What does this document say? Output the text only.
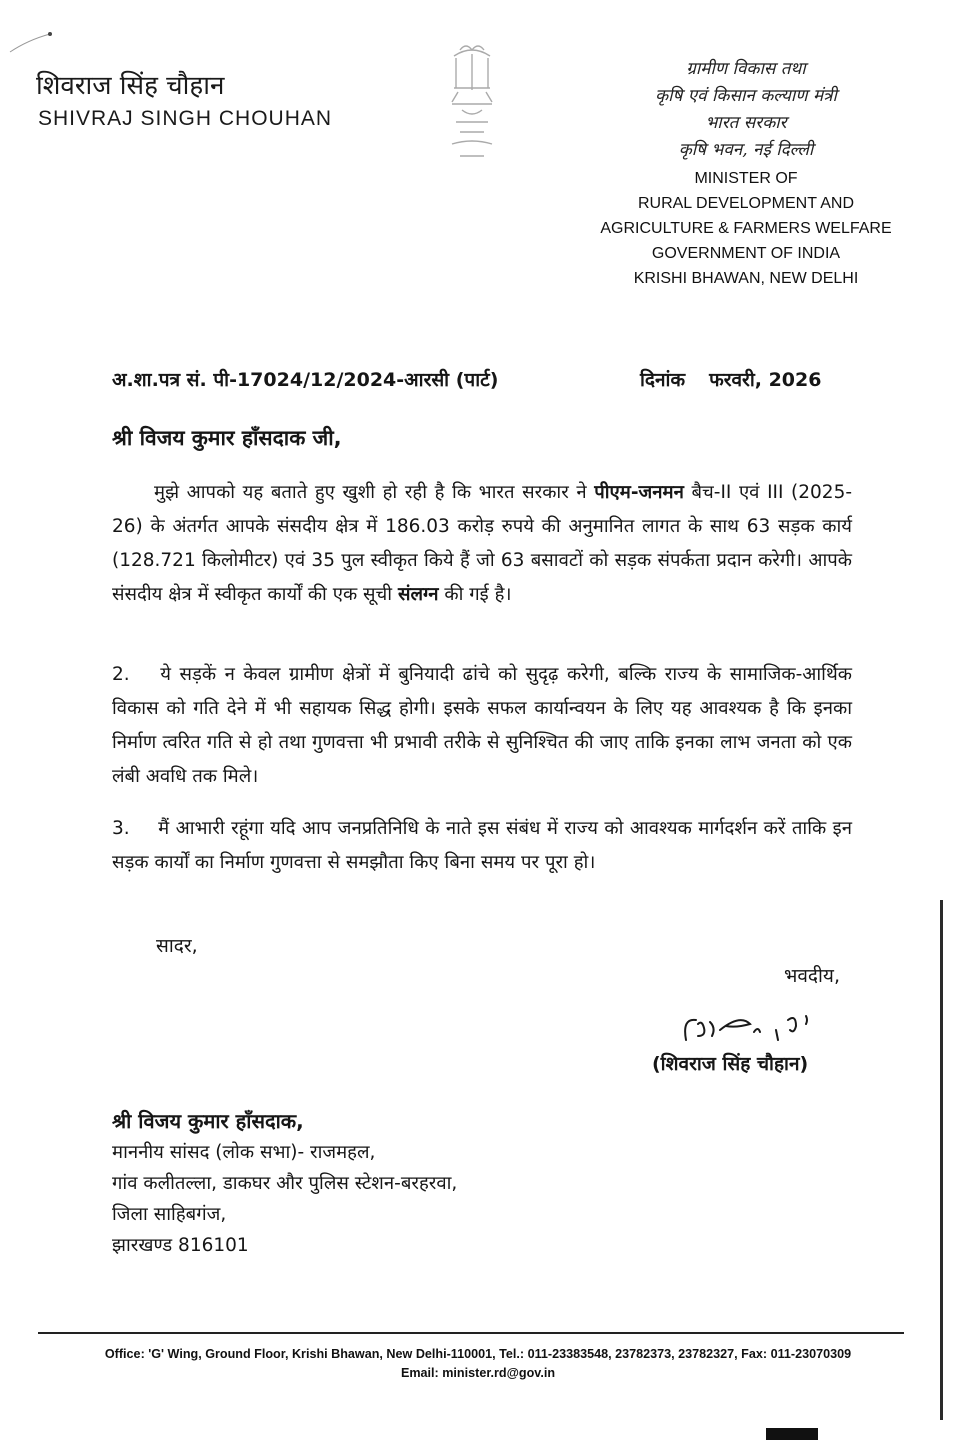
शिवराज सिंह चौहान
SHIVRAJ SINGH CHOUHAN
ग्रामीण विकास तथा
कृषि एवं किसान कल्याण मंत्री
भारत सरकार
कृषि भवन, नई दिल्ली
MINISTER OF
RURAL DEVELOPMENT AND
AGRICULTURE & FARMERS WELFARE
GOVERNMENT OF INDIA
KRISHI BHAWAN, NEW DELHI
अ.शा.पत्र सं. पी-17024/12/2024-आरसी (पार्ट)	दिनांक फरवरी, 2026
श्री विजय कुमार हाँसदाक जी,
मुझे आपको यह बताते हुए खुशी हो रही है कि भारत सरकार ने पीएम-जनमन बैच-II एवं III (2025-26) के अंतर्गत आपके संसदीय क्षेत्र में 186.03 करोड़ रुपये की अनुमानित लागत के साथ 63 सड़क कार्य (128.721 किलोमीटर) एवं 35 पुल स्वीकृत किये हैं जो 63 बसावटों को सड़क संपर्कता प्रदान करेगी। आपके संसदीय क्षेत्र में स्वीकृत कार्यों की एक सूची संलग्न की गई है।
2. ये सड़कें न केवल ग्रामीण क्षेत्रों में बुनियादी ढांचे को सुदृढ़ करेगी, बल्कि राज्य के सामाजिक-आर्थिक विकास को गति देने में भी सहायक सिद्ध होगी। इसके सफल कार्यान्वयन के लिए यह आवश्यक है कि इनका निर्माण त्वरित गति से हो तथा गुणवत्ता भी प्रभावी तरीके से सुनिश्चित की जाए ताकि इनका लाभ जनता को एक लंबी अवधि तक मिले।
3. मैं आभारी रहूंगा यदि आप जनप्रतिनिधि के नाते इस संबंध में राज्य को आवश्यक मार्गदर्शन करें ताकि इन सड़क कार्यों का निर्माण गुणवत्ता से समझौता किए बिना समय पर पूरा हो।
सादर,
भवदीय,
(शिवराज सिंह चौहान)
श्री विजय कुमार हाँसदाक,
माननीय सांसद (लोक सभा)- राजमहल,
गांव कलीतल्ला, डाकघर और पुलिस स्टेशन-बरहरवा,
जिला साहिबगंज,
झारखण्ड 816101
Office: 'G' Wing, Ground Floor, Krishi Bhawan, New Delhi-110001, Tel.: 011-23383548, 23782373, 23782327, Fax: 011-23070309
Email: minister.rd@gov.in
